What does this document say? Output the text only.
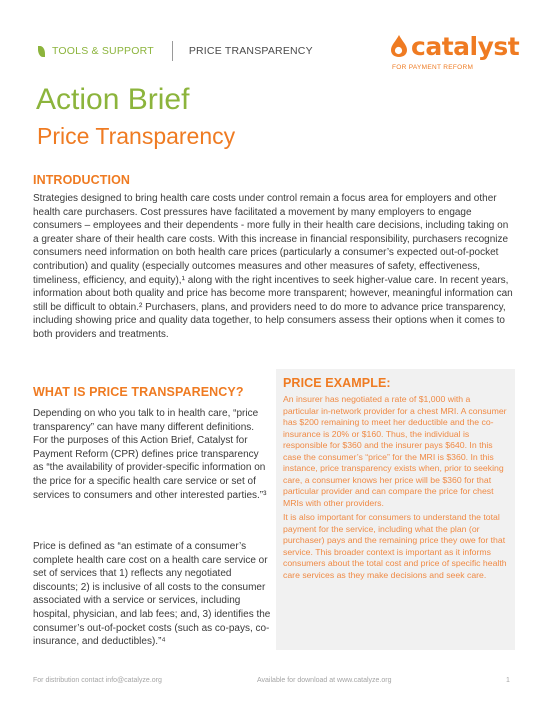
TOOLS & SUPPORT	PRICE TRANSPARENCY	catalyst
FOR PAYMENT REFORM
Action Brief
Price Transparency
INTRODUCTION

Strategies designed to bring health care costs under control remain a focus area for employers and other health care purchasers. Cost pressures have facilitated a movement by many employers to engage consumers – employees and their dependents - more fully in their health care decisions, including taking on a greater share of their health care costs. With this increase in financial responsibility, purchasers recognize consumers need information on both health care prices (particularly a consumer’s expected out-of-pocket contribution) and quality (especially outcomes measures and other measures of safety, effectiveness, timeliness, efficiency, and equity),¹ along with the right incentives to seek higher-value care. In recent years, information about both quality and price has become more transparent; however, meaningful information can still be difficult to obtain.² Purchasers, plans, and providers need to do more to advance price transparency, including showing price and quality data together, to help consumers assess their options when it comes to both providers and treatments.

WHAT IS PRICE TRANSPARENCY?

Depending on who you talk to in health care, “price transparency” can have many different definitions. For the purposes of this Action Brief, Catalyst for Payment Reform (CPR) defines price transparency as “the availability of provider-specific information on the price for a specific health care service or set of services to consumers and other interested parties.”³

Price is defined as “an estimate of a consumer’s complete health care cost on a health care service or set of services that 1) reflects any negotiated discounts; 2) is inclusive of all costs to the consumer associated with a service or services, including hospital, physician, and lab fees; and, 3) identifies the consumer’s out-of-pocket costs (such as co-pays, co-insurance, and deductibles).”⁴

PRICE EXAMPLE:

An insurer has negotiated a rate of $1,000 with a particular in-network provider for a chest MRI. A consumer has $200 remaining to meet her deductible and the co-insurance is 20% or $160. Thus, the individual is responsible for $360 and the insurer pays $640. In this case the consumer’s “price” for the MRI is $360. In this instance, price transparency exists when, prior to seeking care, a consumer knows her price will be $360 for that particular provider and can compare the price for chest MRIs with other providers.

It is also important for consumers to understand the total payment for the service, including what the plan (or purchaser) pays and the remaining price they owe for that service. This broader context is important as it informs consumers about the total cost and price of specific health care services as they make decisions and seek care.

For distribution contact info@catalyze.org	Available for download at www.catalyze.org	1
